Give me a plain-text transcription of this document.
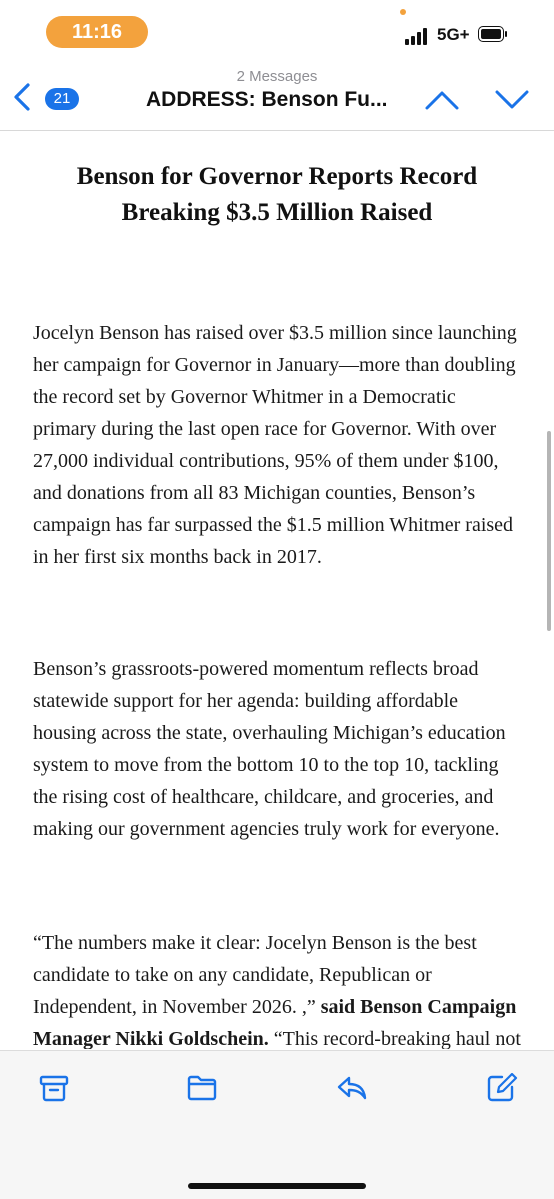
11:16	5G+
21
2 Messages
ADDRESS: Benson Fu...
Benson for Governor Reports Record Breaking $3.5 Million Raised

Jocelyn Benson has raised over $3.5 million since launching her campaign for Governor in January—more than doubling the record set by Governor Whitmer in a Democratic primary during the last open race for Governor. With over 27,000 individual contributions, 95% of them under $100, and donations from all 83 Michigan counties, Benson’s campaign has far surpassed the $1.5 million Whitmer raised in her first six months back in 2017.

Benson’s grassroots-powered momentum reflects broad statewide support for her agenda: building affordable housing across the state, overhauling Michigan’s education system to move from the bottom 10 to the top 10, tackling the rising cost of healthcare, childcare, and groceries, and making our government agencies truly work for everyone.

“The numbers make it clear: Jocelyn Benson is the best candidate to take on any candidate, Republican or Independent, in November 2026. ,” said Benson Campaign Manager Nikki Goldschein. “This record-breaking haul not
